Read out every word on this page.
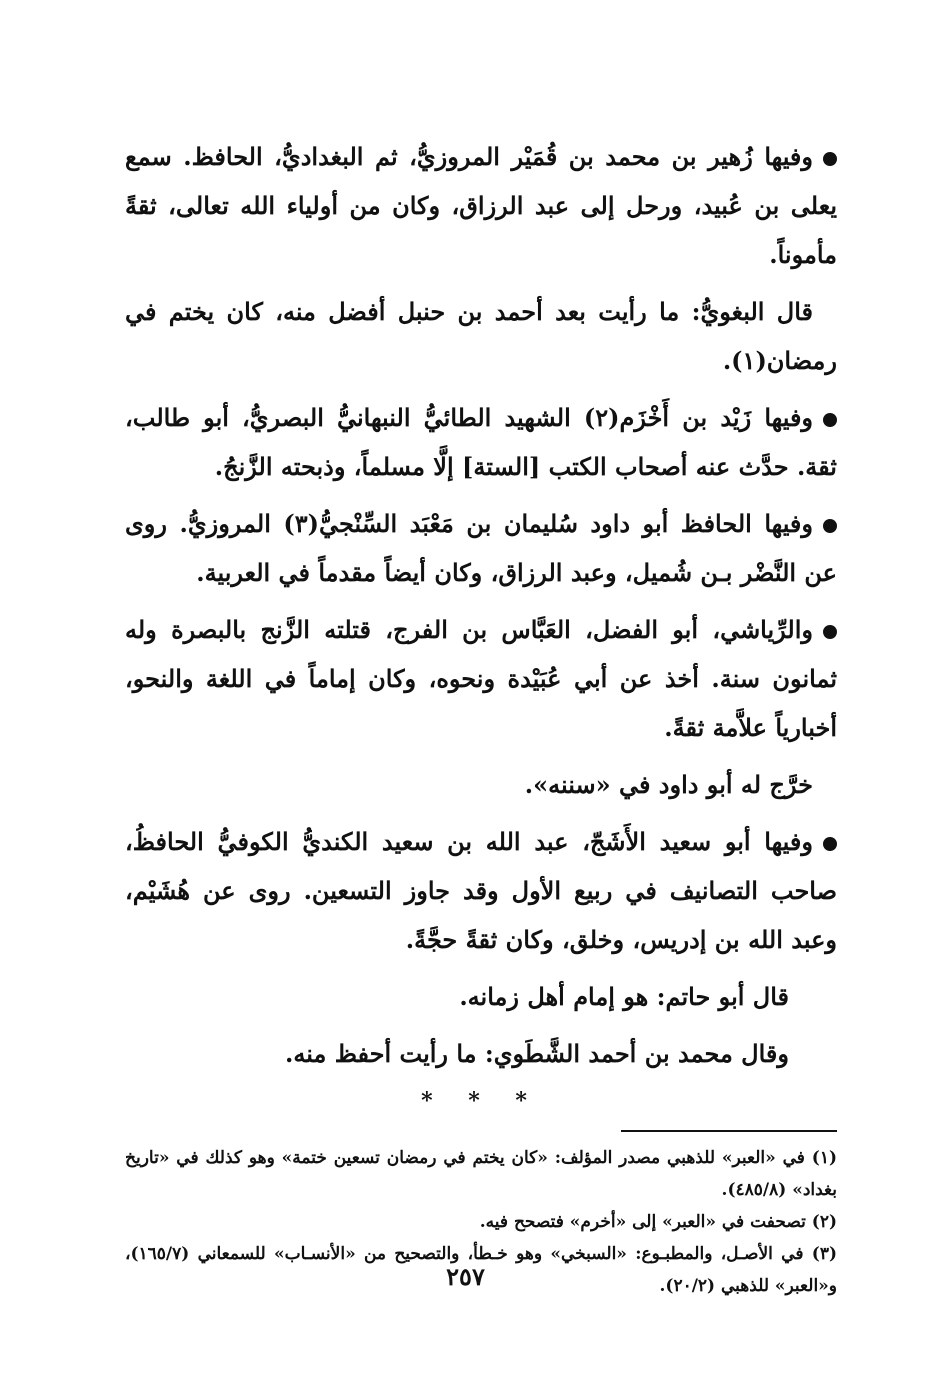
وفيها زُهير بن محمد بن قُمَيْر المروزيُّ، ثم البغداديُّ، الحافظ. سمع يعلى بن عُبيد، ورحل إلى عبد الرزاق، وكان من أولياء الله تعالى، ثقةً مأموناً.

قال البغويُّ: ما رأيت بعد أحمد بن حنبل أفضل منه، كان يختم في رمضان(١).

وفيها زَيْد بن أَخْزَم(٢) الشهيد الطائيُّ النبهانيُّ البصريُّ، أبو طالب، ثقة. حدَّث عنه أصحاب الكتب [الستة] إلَّا مسلماً، وذبحته الزَّنجُ.

وفيها الحافظ أبو داود سُليمان بن مَعْبَد السِّنْجيُّ(٣) المروزيُّ. روى عن النَّضْر بـن شُميل، وعبد الرزاق، وكان أيضاً مقدماً في العربية.

والرِّياشي، أبو الفضل، العَبَّاس بن الفرج، قتلته الزَّنج بالبصرة وله ثمانون سنة. أخذ عن أبي عُبَيْدة ونحوه، وكان إماماً في اللغة والنحو، أخبارياً علاَّمة ثقةً.

خرَّج له أبو داود في «سننه».

وفيها أبو سعيد الأَشَجّ، عبد الله بن سعيد الكنديُّ الكوفيُّ الحافظُ، صاحب التصانيف في ربيع الأول وقد جاوز التسعين. روى عن هُشَيْم، وعبد الله بن إدريس، وخلق، وكان ثقةً حجَّةً.

قال أبو حاتم: هو إمام أهل زمانه.

وقال محمد بن أحمد الشَّطَوي: ما رأيت أحفظ منه.

* * *

(١) في «العبر» للذهبي مصدر المؤلف: «كان يختم في رمضان تسعين ختمة» وهو كذلك في «تاريخ بغداد» (٤٨٥/٨).

(٢) تصحفت في «العبر» إلى «أخرم» فتصحح فيه.

(٣) في الأصـل، والمطبـوع: «السبخي» وهو خـطأ، والتصحيح من «الأنسـاب» للسمعاني (١٦٥/٧)، و«العبر» للذهبي (٢٠/٢).

٢٥٧
